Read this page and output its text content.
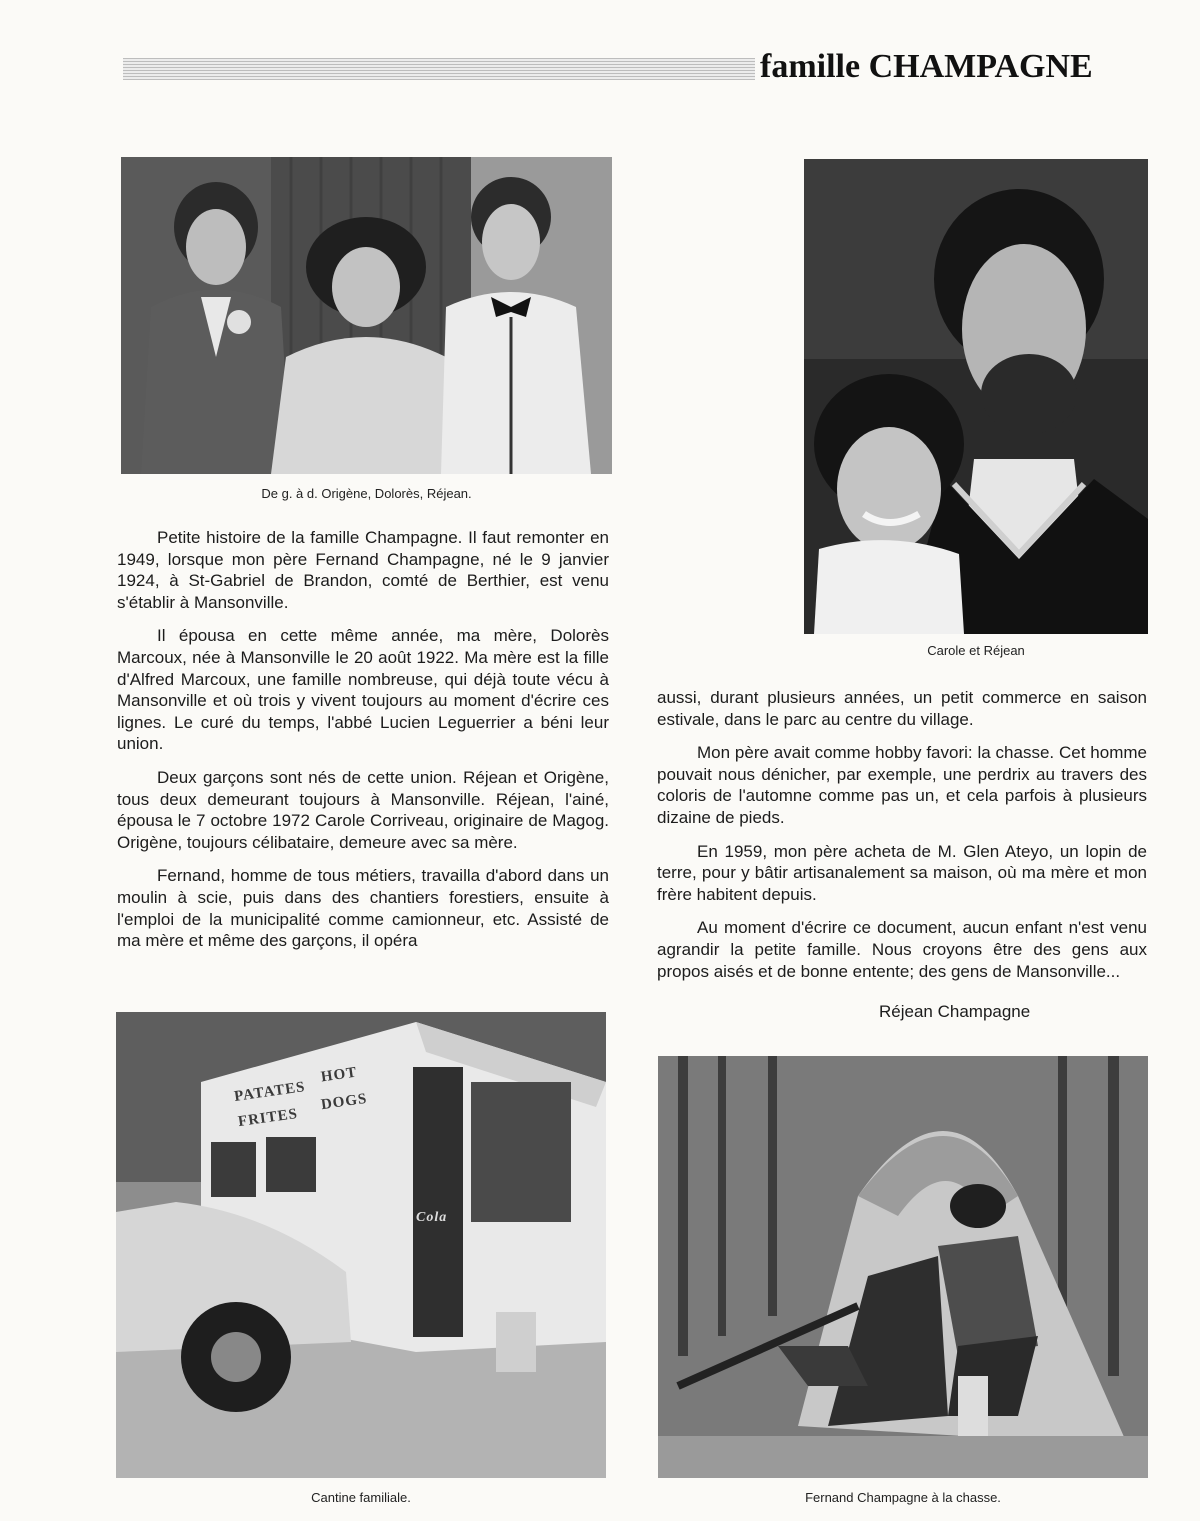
famille CHAMPAGNE
De g. à d. Origène, Dolorès, Réjean.
Carole et Réjean

Petite histoire de la famille Champagne. Il faut remonter en 1949, lorsque mon père Fernand Champagne, né le 9 janvier 1924, à St-Gabriel de Brandon, comté de Berthier, est venu s'établir à Mansonville.

Il épousa en cette même année, ma mère, Dolorès Marcoux, née à Mansonville le 20 août 1922. Ma mère est la fille d'Alfred Marcoux, une famille nombreuse, qui déjà toute vécu à Mansonville et où trois y vivent toujours au moment d'écrire ces lignes. Le curé du temps, l'abbé Lucien Leguerrier a béni leur union.

Deux garçons sont nés de cette union. Réjean et Origène, tous deux demeurant toujours à Mansonville. Réjean, l'ainé, épousa le 7 octobre 1972 Carole Corriveau, originaire de Magog. Origène, toujours célibataire, demeure avec sa mère.

Fernand, homme de tous métiers, travailla d'abord dans un moulin à scie, puis dans des chantiers forestiers, ensuite à l'emploi de la municipalité comme camionneur, etc. Assisté de ma mère et même des garçons, il opéra

aussi, durant plusieurs années, un petit commerce en saison estivale, dans le parc au centre du village.

Mon père avait comme hobby favori: la chasse. Cet homme pouvait nous dénicher, par exemple, une perdrix au travers des coloris de l'automne comme pas un, et cela parfois à plusieurs dizaine de pieds.

En 1959, mon père acheta de M. Glen Ateyo, un lopin de terre, pour y bâtir artisanalement sa maison, où ma mère et mon frère habitent depuis.

Au moment d'écrire ce document, aucun enfant n'est venu agrandir la petite famille. Nous croyons être des gens aux propos aisés et de bonne entente; des gens de Mansonville...

Réjean Champagne
PATATES
HOT
FRITES
DOGS
Cola
Cantine familiale.	Fernand Champagne à la chasse.
